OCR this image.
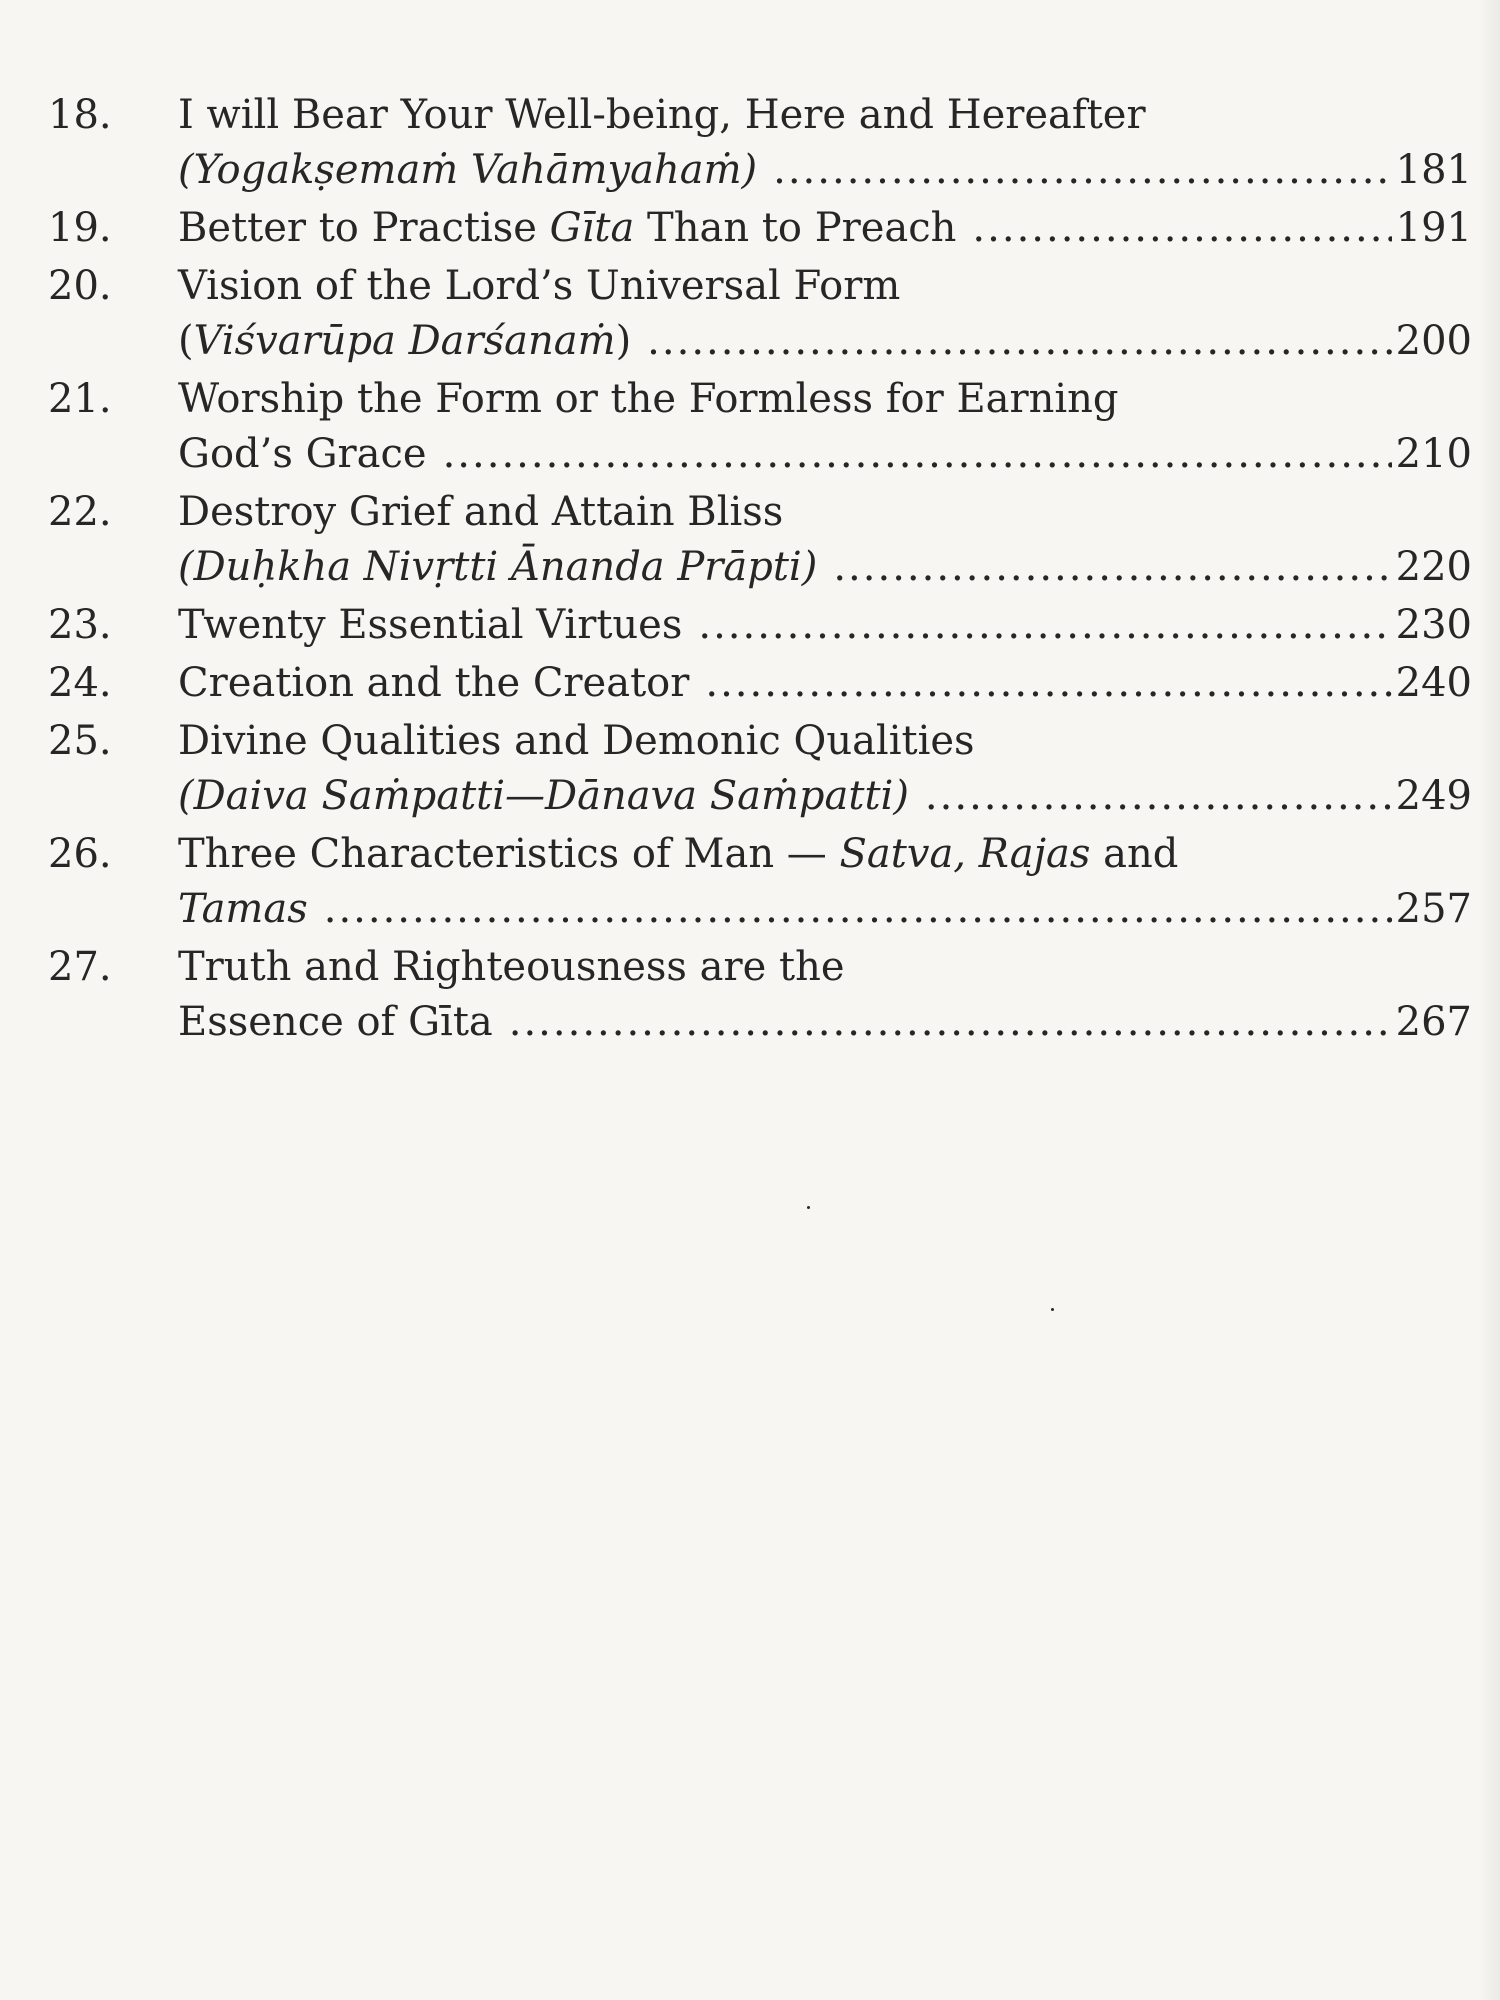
18.	I will Bear Your Well-being, Here and Hereafter
(Yogakṣemaṁ Vahāmyahaṁ) .....	181
19.	Better to Practise Gīta Than to Preach .....	191
20.	Vision of the Lord’s Universal Form
(Viśvarūpa Darśanaṁ) .....	200
21.	Worship the Form or the Formless for Earning
God’s Grace .....	210
22.	Destroy Grief and Attain Bliss
(Duḥkha Nivṛtti Ānanda Prāpti) .....	220
23.	Twenty Essential Virtues .....	230
24.	Creation and the Creator .....	240
25.	Divine Qualities and Demonic Qualities
(Daiva Saṁpatti—Dānava Saṁpatti) .....	249
26.	Three Characteristics of Man — Satva, Rajas and
Tamas .....	257
27.	Truth and Righteousness are the
Essence of Gīta .....	267
